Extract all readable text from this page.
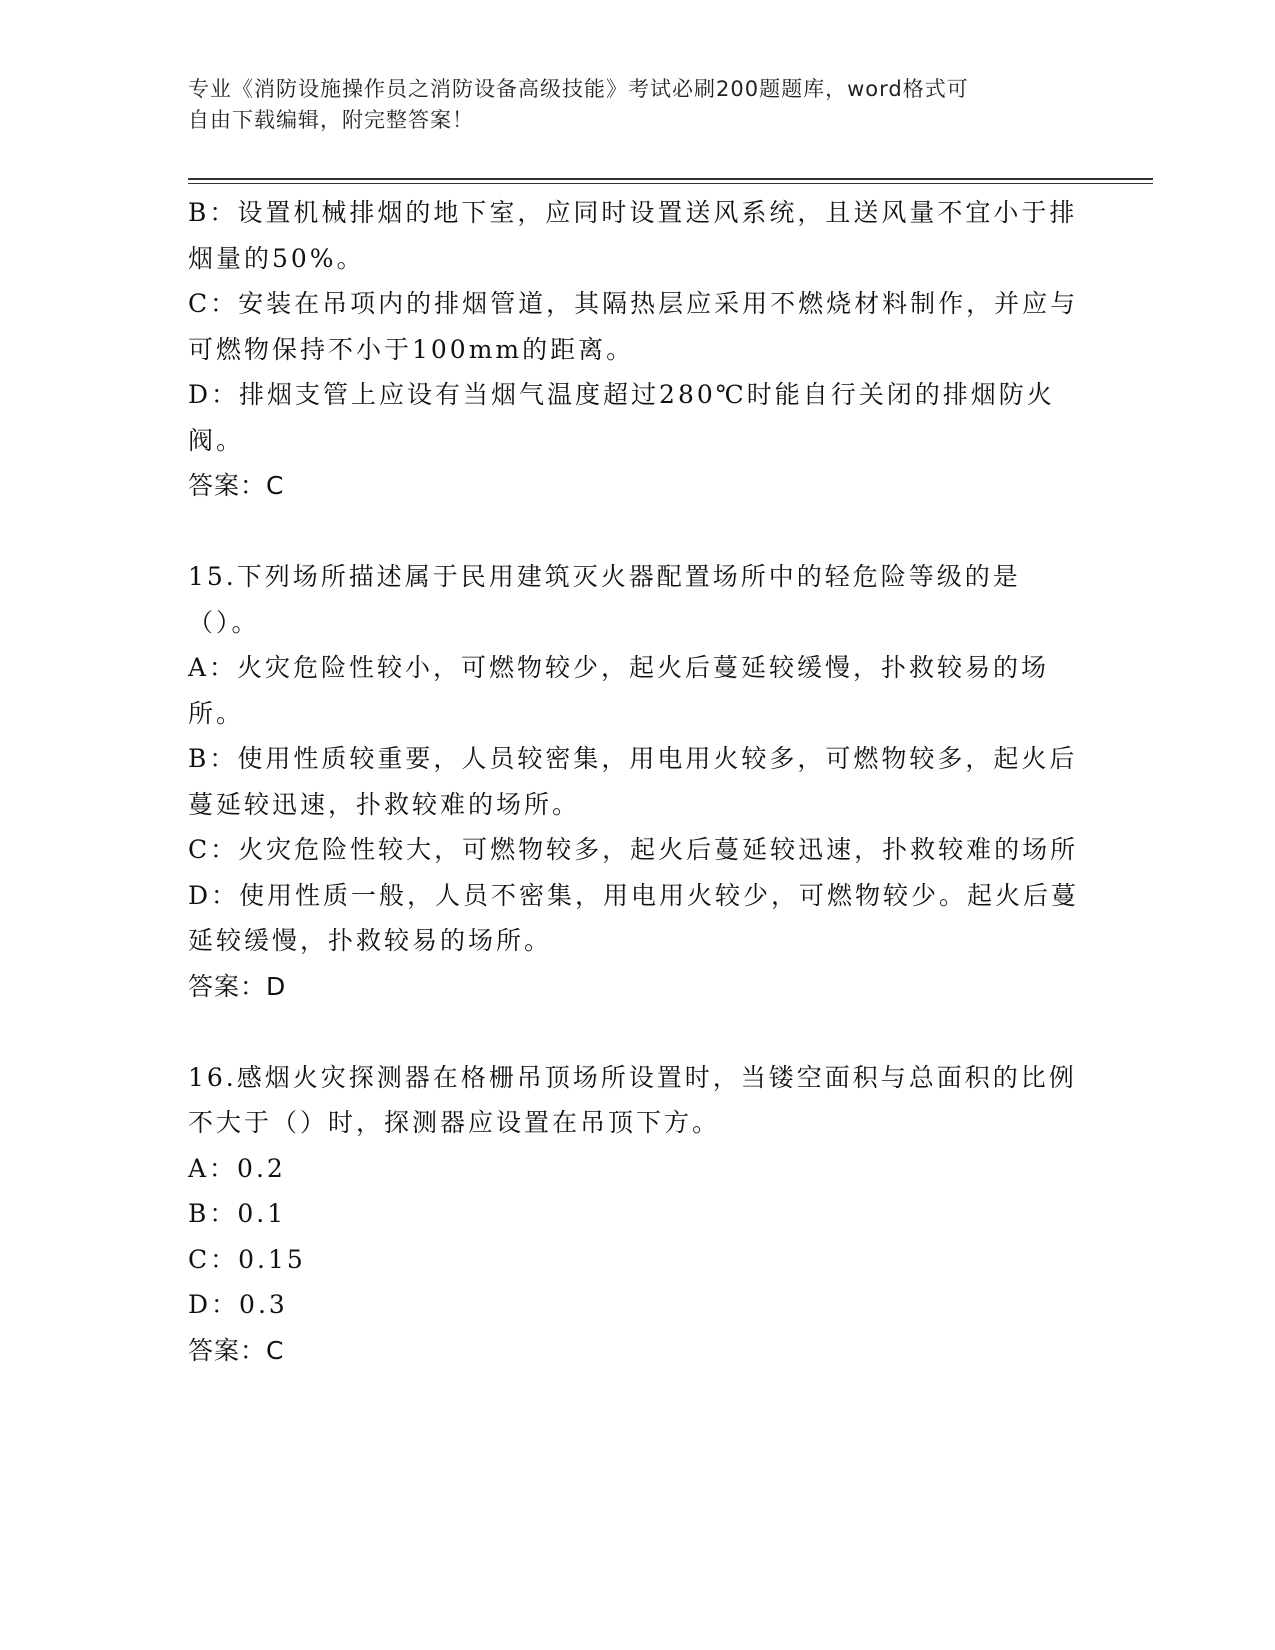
专业《消防设施操作员之消防设备高级技能》考试必刷200题题库，word格式可
自由下载编辑，附完整答案！

B：设置机械排烟的地下室，应同时设置送风系统，且送风量不宜小于排烟量的50%。

C：安装在吊项内的排烟管道，其隔热层应采用不燃烧材料制作，并应与可燃物保持不小于100mm的距离。

D：排烟支管上应设有当烟气温度超过280℃时能自行关闭的排烟防火阀。

答案：C

15.下列场所描述属于民用建筑灭火器配置场所中的轻危险等级的是（）。

A：火灾危险性较小，可燃物较少，起火后蔓延较缓慢，扑救较易的场所。

B：使用性质较重要，人员较密集，用电用火较多，可燃物较多，起火后蔓延较迅速，扑救较难的场所。

C：火灾危险性较大，可燃物较多，起火后蔓延较迅速，扑救较难的场所

D：使用性质一般，人员不密集，用电用火较少，可燃物较少。起火后蔓延较缓慢，扑救较易的场所。

答案：D

16.感烟火灾探测器在格栅吊顶场所设置时，当镂空面积与总面积的比例不大于（）时，探测器应设置在吊顶下方。

A：0.2

B：0.1

C：0.15

D：0.3

答案：C
